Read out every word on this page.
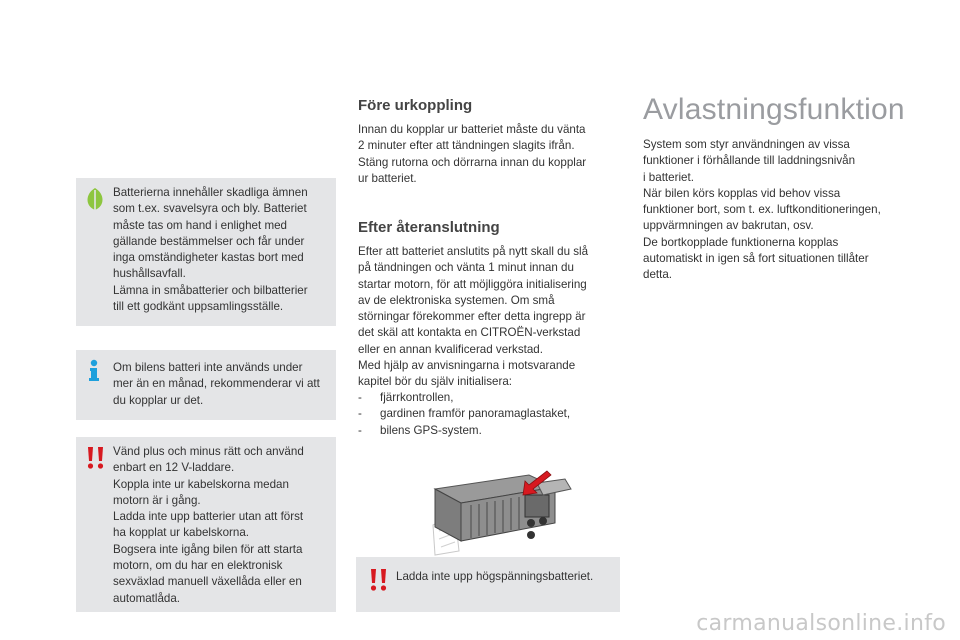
Batterierna innehåller skadliga ämnen
som t.ex. svavelsyra och bly. Batteriet
måste tas om hand i enlighet med
gällande bestämmelser och får under
inga omständigheter kastas bort med
hushållsavfall.
Lämna in småbatterier och bilbatterier
till ett godkänt uppsamlingsställe.
Om bilens batteri inte används under
mer än en månad, rekommenderar vi att
du kopplar ur det.
Vänd plus och minus rätt och använd
enbart en 12 V-laddare.
Koppla inte ur kabelskorna medan
motorn är i gång.
Ladda inte upp batterier utan att först
ha kopplat ur kabelskorna.
Bogsera inte igång bilen för att starta
motorn, om du har en elektronisk
sexväxlad manuell växellåda eller en
automatlåda.
Före urkoppling

Innan du kopplar ur batteriet måste du vänta
2 minuter efter att tändningen slagits ifrån.
Stäng rutorna och dörrarna innan du kopplar
ur batteriet.

Efter återanslutning

Efter att batteriet anslutits på nytt skall du slå
på tändningen och vänta 1 minut innan du
startar motorn, för att möjliggöra initialisering
av de elektroniska systemen. Om små
störningar förekommer efter detta ingrepp är
det skäl att kontakta en CITROËN-verkstad
eller en annan kvalificerad verkstad.
Med hjälp av anvisningarna i motsvarande
kapitel bör du själv initialisera:

- fjärrkontrollen,
- gardinen framför panoramaglastaket,
- bilens GPS-system.
Ladda inte upp högspänningsbatteriet.
Avlastningsfunktion

System som styr användningen av vissa
funktioner i förhållande till laddningsnivån
i batteriet.
När bilen körs kopplas vid behov vissa
funktioner bort, som t. ex. luftkonditioneringen,
uppvärmningen av bakrutan, osv.
De bortkopplade funktionerna kopplas
automatiskt in igen så fort situationen tillåter
detta.

carmanualsonline.info
